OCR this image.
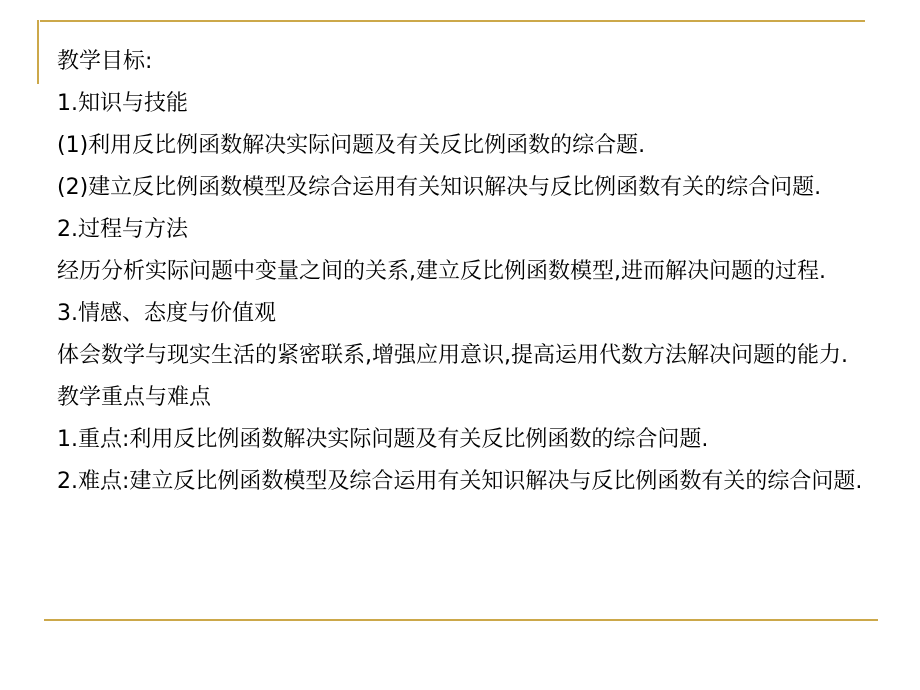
教学目标:
1.知识与技能
(1)利用反比例函数解决实际问题及有关反比例函数的综合题.
(2)建立反比例函数模型及综合运用有关知识解决与反比例函数有关的综合问题.
2.过程与方法
经历分析实际问题中变量之间的关系,建立反比例函数模型,进而解决问题的过程.
3.情感、态度与价值观
体会数学与现实生活的紧密联系,增强应用意识,提高运用代数方法解决问题的能力.
教学重点与难点
1.重点:利用反比例函数解决实际问题及有关反比例函数的综合问题.
2.难点:建立反比例函数模型及综合运用有关知识解决与反比例函数有关的综合问题.
